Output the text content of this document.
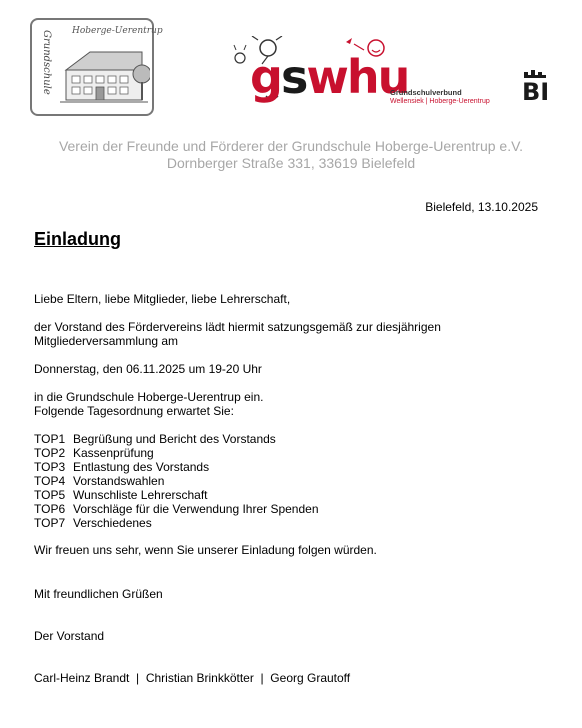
Hoberge-Uerentrup
Grundschule	gswhu
Grundschulverbund
Wellensiek | Hoberge-Uerentrup BI
Verein der Freunde und Förderer der Grundschule Hoberge-Uerentrup e.V.
Dornberger Straße 331, 33619 Bielefeld
Bielefeld, 13.10.2025
Einladung
Liebe Eltern, liebe Mitglieder, liebe Lehrerschaft,
der Vorstand des Fördervereins lädt hiermit satzungsgemäß zur diesjährigen
Mitgliederversammlung am
Donnerstag, den 06.11.2025 um 19-20 Uhr
in die Grundschule Hoberge-Uerentrup ein.
Folgende Tagesordnung erwartet Sie:
TOP1 Begrüßung und Bericht des Vorstands
TOP2 Kassenprüfung
TOP3 Entlastung des Vorstands
TOP4 Vorstandswahlen
TOP5 Wunschliste Lehrerschaft
TOP6 Vorschläge für die Verwendung Ihrer Spenden
TOP7 Verschiedenes
Wir freuen uns sehr, wenn Sie unserer Einladung folgen würden.
Mit freundlichen Grüßen
Der Vorstand
Carl-Heinz Brandt  |  Christian Brinkkötter  |  Georg Grautoff
